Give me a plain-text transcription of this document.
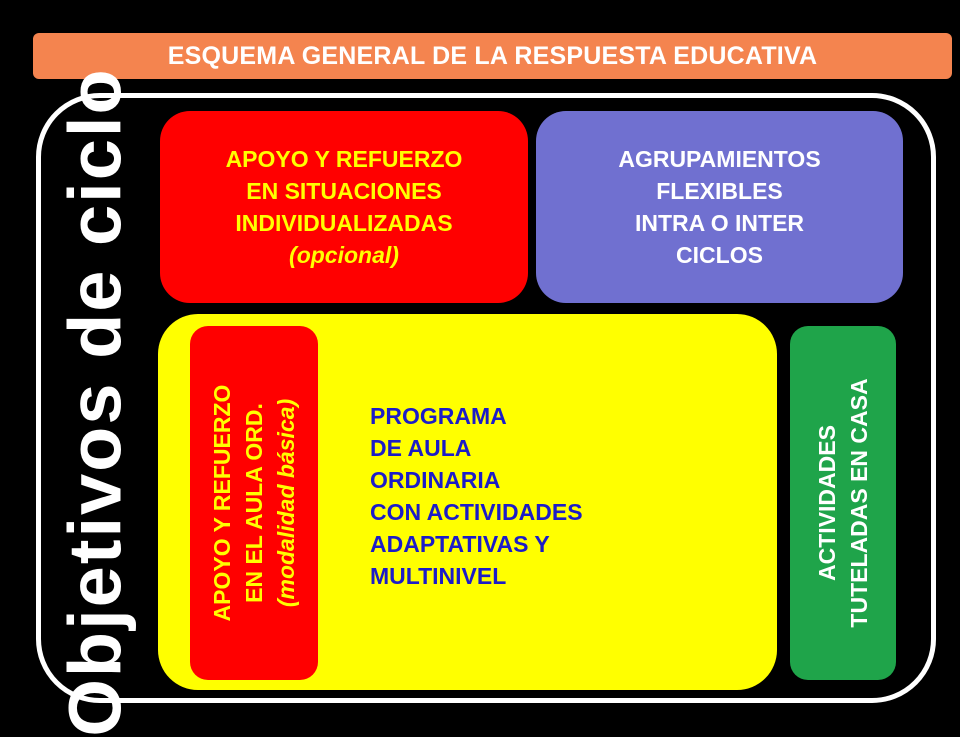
ESQUEMA GENERAL DE LA RESPUESTA EDUCATIVA
Objetivos de ciclo	APOYO Y REFUERZO
EN SITUACIONES
INDIVIDUALIZADAS
(opcional)
AGRUPAMIENTOS
FLEXIBLES
INTRA O INTER
CICLOS
PROGRAMA
DE AULA
ORDINARIA
CON ACTIVIDADES
ADAPTATIVAS Y
MULTINIVEL
APOYO Y REFUERZO EN EL AULA ORD. (modalidad básica)	ACTIVIDADES TUTELADAS EN CASA
